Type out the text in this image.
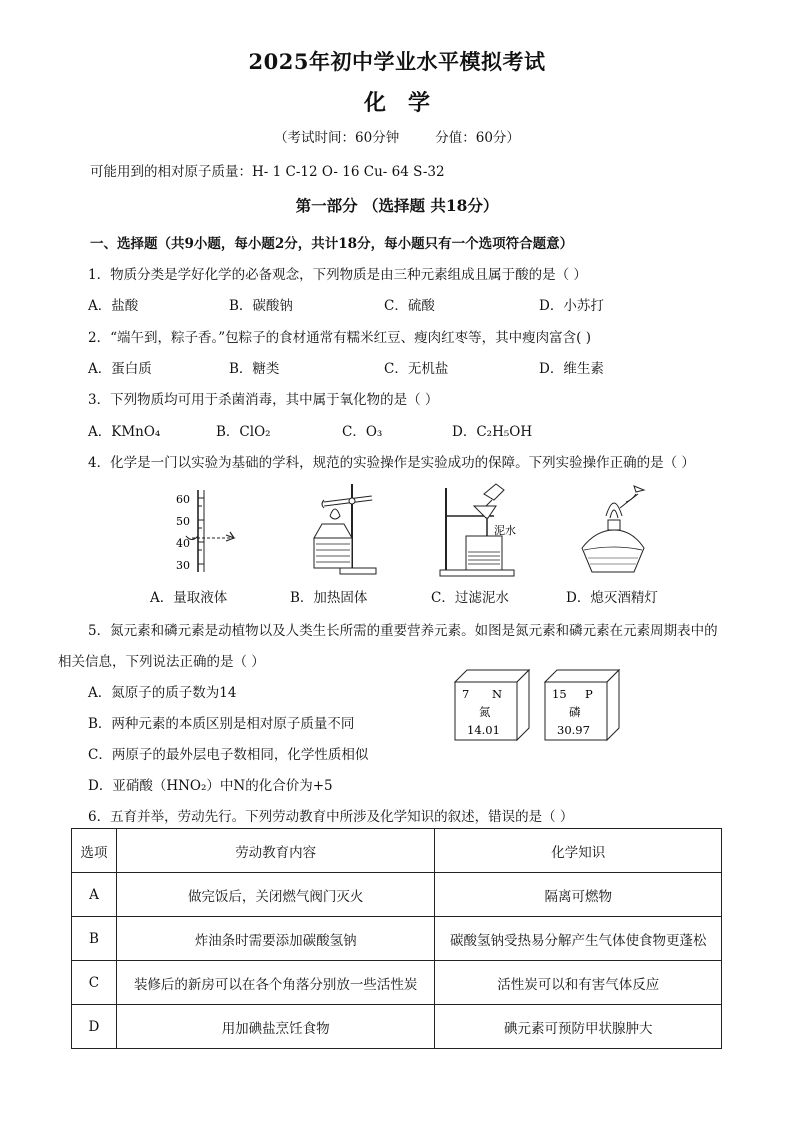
2025年初中学业水平模拟考试
化学
（考试时间：60分钟	分值：60分）
可能用到的相对原子质量：H- 1 C-12 O- 16 Cu- 64 S-32
第一部分 （选择题 共18分）
一、选择题（共9小题，每小题2分，共计18分，每小题只有一个选项符合题意）
1．物质分类是学好化学的必备观念，下列物质是由三种元素组成且属于酸的是（ ）
A．盐酸	B．碳酸钠	C．硫酸	D．小苏打
2．“端午到，粽子香。”包粽子的食材通常有糯米红豆、瘦肉红枣等，其中瘦肉富含( )
A．蛋白质	B．糖类	C．无机盐	D．维生素
3．下列物质均可用于杀菌消毒，其中属于氧化物的是（ ）
A．KMnO₄	B．ClO₂	C．O₃	D．C₂H₅OH
4．化学是一门以实验为基础的学科，规范的实验操作是实验成功的保障。下列实验操作正确的是（ ）
60
50
40
30
泥水
A．量取液体	B．加热固体	C．过滤泥水	D．熄灭酒精灯
5．氮元素和磷元素是动植物以及人类生长所需的重要营养元素。如图是氮元素和磷元素在元素周期表中的
相关信息，下列说法正确的是（ ）
A．氮原子的质子数为14
B．两种元素的本质区别是相对原子质量不同
C．两原子的最外层电子数相同，化学性质相似
D．亚硝酸（HNO₂）中N的化合价为+5
7 N
氮
14.01
15 P
磷
30.97
6．五育并举，劳动先行。下列劳动教育中所涉及化学知识的叙述，错误的是（ ）
选项	劳动教育内容	化学知识
A	做完饭后，关闭燃气阀门灭火	隔离可燃物
B	炸油条时需要添加碳酸氢钠	碳酸氢钠受热易分解产生气体使食物更蓬松
C	装修后的新房可以在各个角落分别放一些活性炭	活性炭可以和有害气体反应
D	用加碘盐烹饪食物	碘元素可预防甲状腺肿大
